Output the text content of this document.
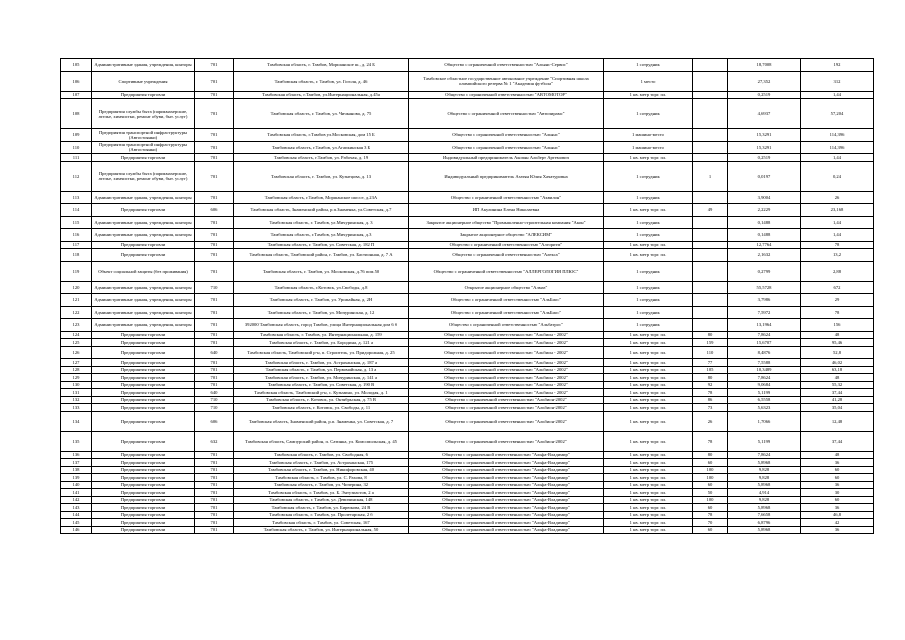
105	Административные здания, учреждения, конторы	701	Тамбовская область, г. Тамбов, Моршанское ш., д. 24 Б	Общество с ограниченной ответственностью "Альянс-Сервис"	1 сотрудник		18,7008	192
106	Спортивные учреждения	701	Тамбовская область, г. Тамбов, ул. Гоголя, д. 46	Тамбовское областное государственное автономное учреждение "Спортивная школа олимпийского резерва № 1 "Академия футбола"	1 место		27,352	312
107	Предприятия торговли	701	Тамбовская область, г.Тамбов, ул.Интернациональная, д.45а	Общество с ограниченной ответственностью "АВТОМОТОР"	1 кв. метр торг. пл.		0,2519	1,44
108	Предприятия службы быта (парикмахерские, ателье, химчистки, ремонт обуви, быт. услуг)	701	Тамбовская область, г. Тамбов, ул. Чичканова, д. 75	Общество с ограниченной ответственностью "Автопирамс"	1 сотрудник		4,6937	57,204
109	Предприятия транспортной инфраструктуры (Автостоянки)	701	Тамбовская область, г.Тамбов ул.Московская, дом 15 Б	Общество с ограниченной ответственностью "Альянс"	1 машино-место		15,3291	114,396
110	Предприятия транспортной инфраструктуры (Автостоянки)	701	Тамбовская область, г.Тамбов, ул.Агапкинская 3 Б	Общество с ограниченной ответственностью "Альянс"	1 машино-место		15,3291	114,396
111	Предприятия торговли	701	Тамбовская область, г.Тамбов, ул. Рабочая, д. 19	Индивидуальный предприниматель Акопян Альберт Артемович	1 кв. метр торг. пл.		0,2519	1,44
112	Предприятия службы быта (парикмахерские, ателье, химчистки, ремонт обуви, быт. услуг)	701	Тамбовская область, г. Тамбов, ул. Кузнецова, д. 13	Индивидуальный предприниматель Азатян Юлия Хачатуровна	1 сотрудник	1	0,0197	0,24
113	Административные здания, учреждения, конторы	701	Тамбовская область, г.Тамбов, Моршанское шоссе, д.23А	Общество с ограниченной ответственностью "Аквилон"	1 сотрудник		3,9004	26
114	Предприятия торговли	606	Тамбовская область, Знаменский район, р.п.Знаменка, ул.Советская, д.7	ИП Акулинина Елена Николаевна	1 кв. метр торг. пл.	49	2,2229	23,168
115	Административные здания, учреждения, конторы	701	Тамбовская область, г. Тамбов, ул.Мичуринская, д. 3	Закрытое акционерное общество "Промышленно-строительная компания "Акон"	1 сотрудник		0,1488	1,44
116	Административные здания, учреждения, конторы	701	Тамбовская область, г.Тамбов, ул.Мичуринская, д.3	Закрытое акционерное общество "АЛЕКСИМ"	1 сотрудник		0,1488	1,44
117	Предприятия торговли	701	Тамбовская область, г. Тамбов, ул. Советская, д. 182 П	Общество с ограниченной ответственностью "Алгоритм"	1 кв. метр торг. пл.		12,7764	78
118	Предприятия торговли	701	Тамбовская область, Тамбовский район, г. Тамбов, ул. Бастионная, д. 7 А	Общество с ограниченной ответственностью "Алекса"	1 кв. метр торг. пл.		2,1632	13,2
119	Объект социальной защиты (без проживания)	701	Тамбовская область, г. Тамбов, ул. Московская, д.76 пом.50	Общество с ограниченной ответственностью "АЛЛЕРГОЛОГИЯ ПЛЮС"	1 сотрудник		0,2799	2,88
120	Административные здания, учреждения, конторы	710	Тамбовская область, г.Котовск, ул.Свободы, д.8	Открытое акционерное общество "Алмаз"	1 сотрудник		55,5728	672
121	Административные здания, учреждения, конторы	701	Тамбовская область, г. Тамбов, ул. Урожайная, д. 2Н	Общество с ограниченной ответственностью "АльБиос"	1 сотрудник		3,7986	29
122	Административные здания, учреждения, конторы	701	Тамбовская область, г. Тамбов, ул. Мичуринская, д. 12	Общество с ограниченной ответственностью "АльБиос"	1 сотрудник		7,5972	78
123	Административные здания, учреждения, конторы	701	392000 Тамбовская область, город Тамбов, улица Интернациональная дом 6 б	Общество с ограниченной ответственностью "Альбатрос"	1 сотрудник		13,1964	156
124	Предприятия торговли	701	Тамбовская область, г. Тамбов, ул. Интернациональная, д. 159	Общество с ограниченной ответственностью "Альбион - 2002"	1 кв. метр торг. пл.	80	7,8624	48
125	Предприятия торговли	701	Тамбовская область, г. Тамбов, ул. Бородина, д. 121 а	Общество с ограниченной ответственностью "Альбион - 2002"	1 кв. метр торг. пл.	159	15,6707	95,46
126	Предприятия торговли	640	Тамбовская область, Тамбовский р-н, п. Строитель, ул. Придорожная, д. 25	Общество с ограниченной ответственностью "Альбион - 2002"	1 кв. метр торг. пл.	110	8,4876	52,8
127	Предприятия торговли	701	Тамбовская область, г. Тамбов, ул. Астраханская, д. 187 а	Общество с ограниченной ответственностью "Альбион - 2002"	1 кв. метр торг. пл.	77	7,5588	46,02
128	Предприятия торговли	701	Тамбовская область, г. Тамбов, ул. Первомайская, д. 13 а	Общество с ограниченной ответственностью "Альбион - 2002"	1 кв. метр торг. пл.	105	10,3489	63,18
129	Предприятия торговли	701	Тамбовская область, г. Тамбов, ул. Мичуринская, д. 141 а	Общество с ограниченной ответственностью "Альбион - 2002"	1 кв. метр торг. пл.	80	7,8624	48
130	Предприятия торговли	701	Тамбовская область, г. Тамбов, ул. Советская, д. 190 В	Общество с ограниченной ответственностью "Альбион - 2002"	1 кв. метр торг. пл.	92	9,0684	55,32
131	Предприятия торговли	640	Тамбовская область, Тамбовский р-н, с. Кузьмино, ул. Молодая, д. 1	Общество с ограниченной ответственностью "Альбион - 2002"	1 кв. метр торг. пл.	78	5,1199	37,44
132	Предприятия торговли	710	Тамбовская область, г. Котовск, ул. Октябрьская, д. 75 В	Общество с ограниченной ответственностью "Альбион-2002"	1 кв. метр торг. пл.	86	6,5558	41,28
133	Предприятия торговли	710	Тамбовская область, г. Котовск, ул. Свободы, д. 11	Общество с ограниченной ответственностью "Альбион-2002"	1 кв. метр торг. пл.	73	5,6323	35,04
134	Предприятия торговли	606	Тамбовская область, Знаменский район, р.п. Знаменка, ул. Советская, д. 7	Общество с ограниченной ответственностью "Альбион-2002"	1 кв. метр торг. пл.	26	1,7066	12,48
135	Предприятия торговли	632	Тамбовская область, Сампурский район, п. Сатинка, ул. Комсомольская, д. 45	Общество с ограниченной ответственностью "Альбион-2002"	1 кв. метр торг. пл.	78	5,1199	37,44
136	Предприятия торговли	701	Тамбовская область, г. Тамбов, ул. Свободная, 6	Общество с ограниченной ответственностью "Альфа-Владимир"	1 кв. метр торг. пл.	80	7,8624	48
137	Предприятия торговли	701	Тамбовская область, г. Тамбов, ул. Астраханская, 175	Общество с ограниченной ответственностью "Альфа-Владимир"	1 кв. метр торг. пл.	60	5,8968	36
138	Предприятия торговли	701	Тамбовская область, г. Тамбов, ул. Никифоровская, 40	Общество с ограниченной ответственностью "Альфа-Владимир"	1 кв. метр торг. пл.	100	9,828	60
139	Предприятия торговли	701	Тамбовская область, г. Тамбов, ул. С. Рахова, 8	Общество с ограниченной ответственностью "Альфа-Владимир"	1 кв. метр торг. пл.	100	9,828	60
140	Предприятия торговли	701	Тамбовская область, г. Тамбов, ул. Чичерина, 32	Общество с ограниченной ответственностью "Альфа-Владимир"	1 кв. метр торг. пл.	60	5,8968	36
141	Предприятия торговли	701	Тамбовская область, г. Тамбов, ул. Б. Энтузиастов, 2 а	Общество с ограниченной ответственностью "Альфа-Владимир"	1 кв. метр торг. пл.	50	4,914	30
142	Предприятия торговли	701	Тамбовская область, г. Тамбов, ул. Девичинская, 148	Общество с ограниченной ответственностью "Альфа-Владимир"	1 кв. метр торг. пл.	100	9,828	60
143	Предприятия торговли	701	Тамбовская область, г. Тамбов, ул. Бирюкова, 24 В	Общество с ограниченной ответственностью "Альфа-Владимир"	1 кв. метр торг. пл.	60	5,8968	36
144	Предприятия торговли	701	Тамбовская область, г. Тамбов, ул. Пролетарская, 2 б	Общество с ограниченной ответственностью "Альфа-Владимир"	1 кв. метр торг. пл.	78	7,6658	46,8
145	Предприятия торговли	701	Тамбовская область, г. Тамбов, ул. Советская, 167	Общество с ограниченной ответственностью "Альфа-Владимир"	1 кв. метр торг. пл.	70	6,8796	42
146	Предприятия торговли	701	Тамбовская область, г. Тамбов, ул. Интернациональная, 50	Общество с ограниченной ответственностью "Альфа-Владимир"	1 кв. метр торг. пл.	60	5,8968	36
